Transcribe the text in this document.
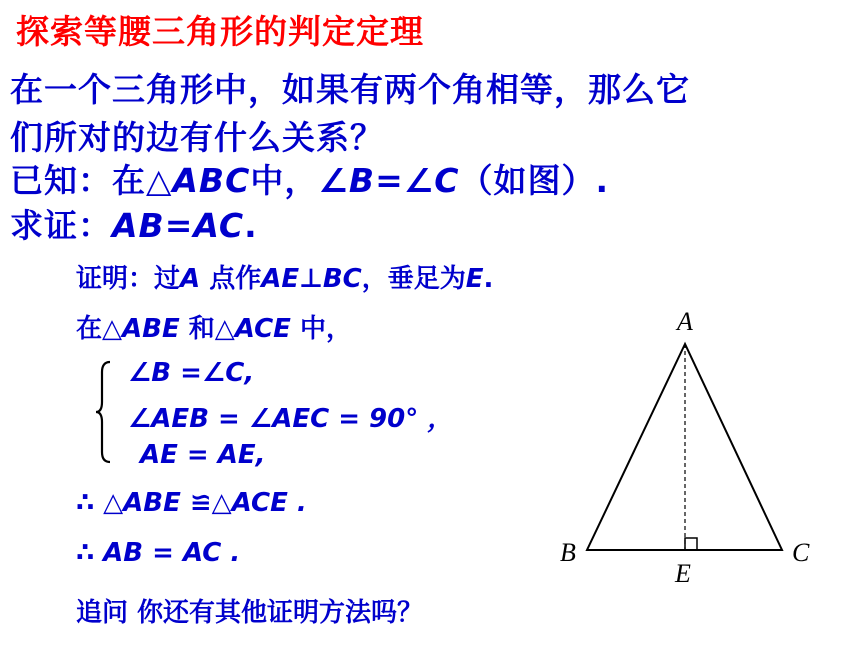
探索等腰三角形的判定定理
在一个三角形中，如果有两个角相等，那么它
们所对的边有什么关系？
已知：在△ABC中，∠B=∠C（如图）.
求证：AB=AC.
证明：过A 点作AE⊥BC，垂足为E.
在△ABE 和△ACE 中，
∠B =∠C,
∠AEB = ∠AEC = 90° ，
AE = AE,
∴ △ABE ≌△ACE .
∴ AB = AC .
追问 你还有其他证明方法吗？
A
B	C
E
